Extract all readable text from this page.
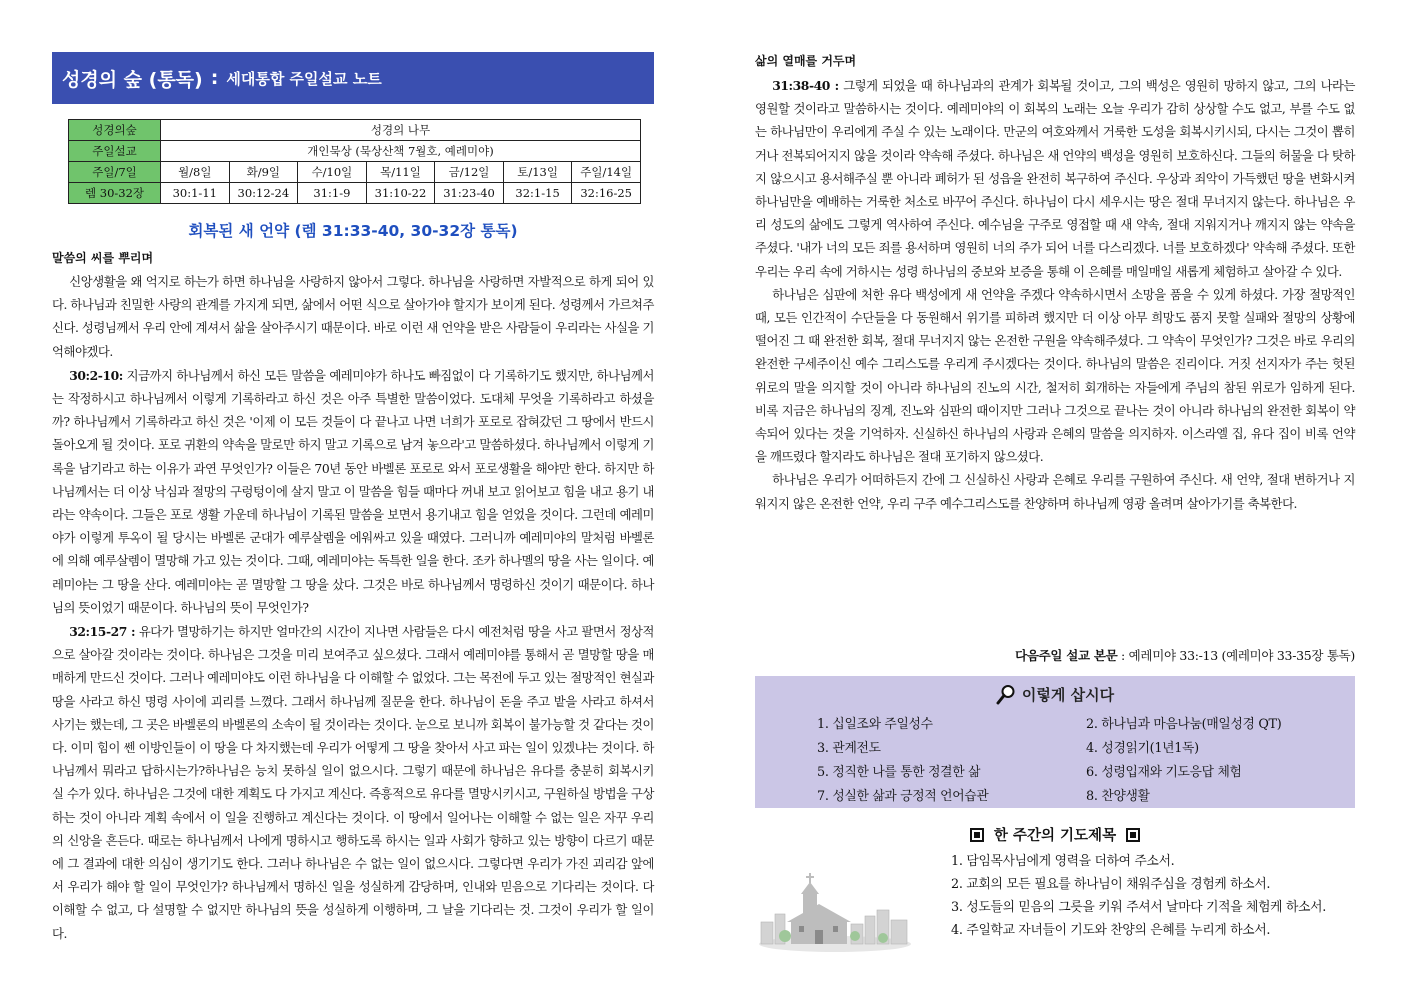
성경의 숲 (통독) : 세대통합 주일설교 노트
성경의숲	성경의 나무						
주일설교	개인묵상 (묵상산책 7월호, 예레미야)						
주일/7일	월/8일	화/9일	수/10일	목/11일	금/12일	토/13일	주일/14일
렘 30-32장	30:1-11	30:12-24	31:1-9	31:10-22	31:23-40	32:1-15	32:16-25
회복된 새 언약 (렘 31:33-40, 30-32장 통독)
말씀의 씨를 뿌리며

신앙생활을 왜 억지로 하는가 하면 하나님을 사랑하지 않아서 그렇다. 하나님을 사랑하면 자발적으로 하게 되어 있다. 하나님과 친밀한 사랑의 관계를 가지게 되면, 삶에서 어떤 식으로 살아가야 할지가 보이게 된다. 성령께서 가르쳐주신다. 성령님께서 우리 안에 계셔서 삶을 살아주시기 때문이다. 바로 이런 새 언약을 받은 사람들이 우리라는 사실을 기억해야겠다.

30:2-10: 지금까지 하나님께서 하신 모든 말씀을 예레미야가 하나도 빠짐없이 다 기록하기도 했지만, 하나님께서는 작정하시고 하나님께서 이렇게 기록하라고 하신 것은 아주 특별한 말씀이었다. 도대체 무엇을 기록하라고 하셨을까? 하나님께서 기록하라고 하신 것은 '이제 이 모든 것들이 다 끝나고 나면 너희가 포로로 잡혀갔던 그 땅에서 반드시 돌아오게 될 것이다. 포로 귀환의 약속을 말로만 하지 말고 기록으로 남겨 놓으라'고 말씀하셨다. 하나님께서 이렇게 기록을 남기라고 하는 이유가 과연 무엇인가? 이들은 70년 동안 바벨론 포로로 와서 포로생활을 해야만 한다. 하지만 하나님께서는 더 이상 낙심과 절망의 구렁텅이에 살지 말고 이 말씀을 힘들 때마다 꺼내 보고 읽어보고 힘을 내고 용기 내라는 약속이다. 그들은 포로 생활 가운데 하나님이 기록된 말씀을 보면서 용기내고 힘을 얻었을 것이다. 그런데 예레미야가 이렇게 투옥이 될 당시는 바벨론 군대가 예루살렘을 에워싸고 있을 때였다. 그러니까 예레미야의 말처럼 바벨론에 의해 예루살렘이 멸망해 가고 있는 것이다. 그때, 예레미야는 독특한 일을 한다. 조카 하나멜의 땅을 사는 일이다. 예레미야는 그 땅을 산다. 예레미야는 곧 멸망할 그 땅을 샀다. 그것은 바로 하나님께서 명령하신 것이기 때문이다. 하나님의 뜻이었기 때문이다. 하나님의 뜻이 무엇인가?

32:15-27 : 유다가 멸망하기는 하지만 얼마간의 시간이 지나면 사람들은 다시 예전처럼 땅을 사고 팔면서 정상적으로 살아갈 것이라는 것이다. 하나님은 그것을 미리 보여주고 싶으셨다. 그래서 예레미야를 통해서 곧 멸망할 땅을 매매하게 만드신 것이다. 그러나 예레미야도 이런 하나님을 다 이해할 수 없었다. 그는 목전에 두고 있는 절망적인 현실과 땅을 사라고 하신 명령 사이에 괴리를 느꼈다. 그래서 하나님께 질문을 한다. 하나님이 돈을 주고 밭을 사라고 하셔서 사기는 했는데, 그 곳은 바벨론의 바벨론의 소속이 될 것이라는 것이다. 눈으로 보니까 회복이 불가능할 것 같다는 것이다. 이미 힘이 쎈 이방인들이 이 땅을 다 차지했는데 우리가 어떻게 그 땅을 찾아서 사고 파는 일이 있겠냐는 것이다. 하나님께서 뭐라고 답하시는가?하나님은 능치 못하실 일이 없으시다. 그렇기 때문에 하나님은 유다를 충분히 회복시키실 수가 있다. 하나님은 그것에 대한 계획도 다 가지고 계신다. 즉흥적으로 유다를 멸망시키시고, 구원하실 방법을 구상하는 것이 아니라 계획 속에서 이 일을 진행하고 계신다는 것이다. 이 땅에서 일어나는 이해할 수 없는 일은 자꾸 우리의 신앙을 흔든다. 때로는 하나님께서 나에게 명하시고 행하도록 하시는 일과 사회가 향하고 있는 방향이 다르기 때문에 그 결과에 대한 의심이 생기기도 한다. 그러나 하나님은 수 없는 일이 없으시다. 그렇다면 우리가 가진 괴리감 앞에서 우리가 해야 할 일이 무엇인가? 하나님께서 명하신 일을 성실하게 감당하며, 인내와 믿음으로 기다리는 것이다. 다 이해할 수 없고, 다 설명할 수 없지만 하나님의 뜻을 성실하게 이행하며, 그 날을 기다리는 것. 그것이 우리가 할 일이다.

삶의 열매를 거두며

31:38-40 : 그렇게 되었을 때 하나님과의 관계가 회복될 것이고, 그의 백성은 영원히 망하지 않고, 그의 나라는 영원할 것이라고 말씀하시는 것이다. 예레미야의 이 회복의 노래는 오늘 우리가 감히 상상할 수도 없고, 부를 수도 없는 하나님만이 우리에게 주실 수 있는 노래이다. 만군의 여호와께서 거룩한 도성을 회복시키시되, 다시는 그것이 뽑히거나 전복되어지지 않을 것이라 약속해 주셨다. 하나님은 새 언약의 백성을 영원히 보호하신다. 그들의 허물을 다 탓하지 않으시고 용서해주실 뿐 아니라 폐허가 된 성읍을 완전히 복구하여 주신다. 우상과 죄악이 가득했던 땅을 변화시켜 하나님만을 예배하는 거룩한 처소로 바꾸어 주신다. 하나님이 다시 세우시는 땅은 절대 무너지지 않는다. 하나님은 우리 성도의 삶에도 그렇게 역사하여 주신다. 예수님을 구주로 영접할 때 새 약속, 절대 지워지거나 깨지지 않는 약속을 주셨다. '내가 너의 모든 죄를 용서하며 영원히 너의 주가 되어 너를 다스리겠다. 너를 보호하겠다' 약속해 주셨다. 또한 우리는 우리 속에 거하시는 성령 하나님의 중보와 보증을 통해 이 은혜를 매일매일 새롭게 체험하고 살아갈 수 있다.

하나님은 심판에 처한 유다 백성에게 새 언약을 주겠다 약속하시면서 소망을 품을 수 있게 하셨다. 가장 절망적인 때, 모든 인간적이 수단들을 다 동원해서 위기를 피하려 했지만 더 이상 아무 희망도 품지 못할 실패와 절망의 상황에 떨어진 그 때 완전한 회복, 절대 무너지지 않는 온전한 구원을 약속해주셨다. 그 약속이 무엇인가? 그것은 바로 우리의 완전한 구세주이신 예수 그리스도를 우리게 주시겠다는 것이다. 하나님의 말씀은 진리이다. 거짓 선지자가 주는 헛된 위로의 말을 의지할 것이 아니라 하나님의 진노의 시간, 철저히 회개하는 자들에게 주님의 참된 위로가 임하게 된다. 비록 지금은 하나님의 징계, 진노와 심판의 때이지만 그러나 그것으로 끝나는 것이 아니라 하나님의 완전한 회복이 약속되어 있다는 것을 기억하자. 신실하신 하나님의 사랑과 은혜의 말씀을 의지하자. 이스라엘 집, 유다 집이 비록 언약을 깨뜨렸다 할지라도 하나님은 절대 포기하지 않으셨다.

하나님은 우리가 어떠하든지 간에 그 신실하신 사랑과 은혜로 우리를 구원하여 주신다. 새 언약, 절대 변하거나 지워지지 않은 온전한 언약, 우리 구주 예수그리스도를 찬양하며 하나님께 영광 올려며 살아가기를 축복한다.

다음주일 설교 본문 : 예레미야 33:-13 (예레미야 33-35장 통독)
이렇게 삽시다
1. 십일조와 주일성수	2. 하나님과 마음나눔(매일성경 QT)
3. 관계전도	4. 성경읽기(1년1독)
5. 정직한 나를 통한 정결한 삶	6. 성령입재와 기도응답 체험
7. 성실한 삶과 긍정적 언어습관	8. 찬양생활
한 주간의 기도제목
1. 담임목사님에게 영력을 더하여 주소서.
2. 교회의 모든 필요를 하나님이 채워주심을 경험케 하소서.
3. 성도들의 믿음의 그릇을 키워 주셔서 날마다 기적을 체험케 하소서.
4. 주일학교 자녀들이 기도와 찬양의 은혜를 누리게 하소서.
